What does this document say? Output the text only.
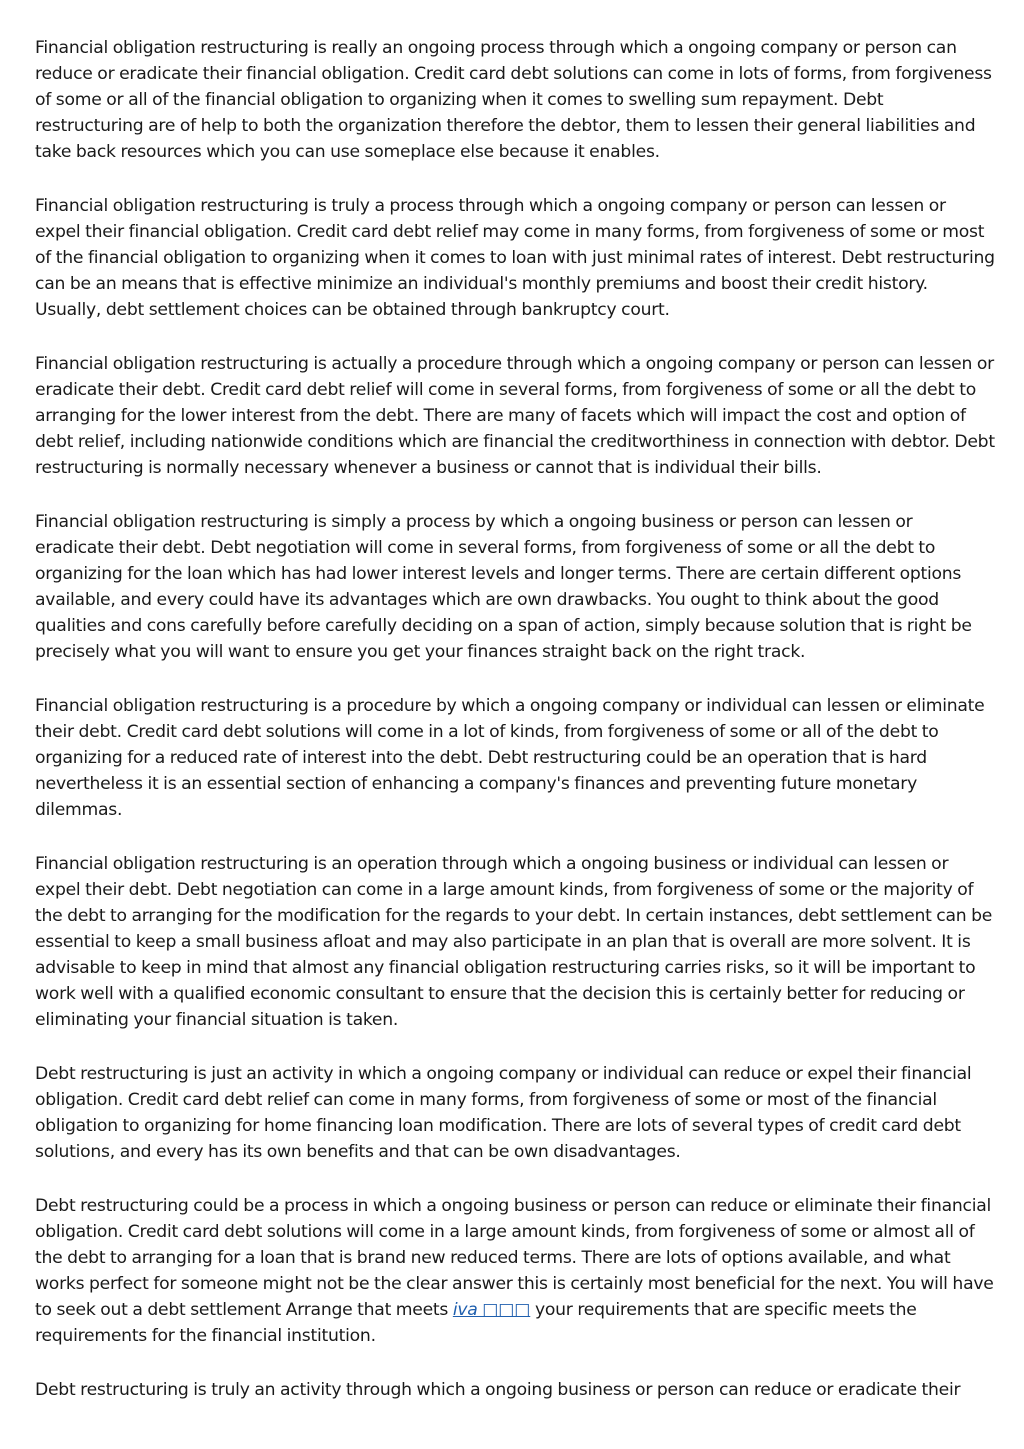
Financial obligation restructuring is really an ongoing process through which a ongoing company or person can reduce or eradicate their financial obligation. Credit card debt solutions can come in lots of forms, from forgiveness of some or all of the financial obligation to organizing when it comes to swelling sum repayment. Debt restructuring are of help to both the organization therefore the debtor, them to lessen their general liabilities and take back resources which you can use someplace else because it enables.

Financial obligation restructuring is truly a process through which a ongoing company or person can lessen or expel their financial obligation. Credit card debt relief may come in many forms, from forgiveness of some or most of the financial obligation to organizing when it comes to loan with just minimal rates of interest. Debt restructuring can be an means that is effective minimize an individual's monthly premiums and boost their credit history. Usually, debt settlement choices can be obtained through bankruptcy court.

Financial obligation restructuring is actually a procedure through which a ongoing company or person can lessen or eradicate their debt. Credit card debt relief will come in several forms, from forgiveness of some or all the debt to arranging for the lower interest from the debt. There are many of facets which will impact the cost and option of debt relief, including nationwide conditions which are financial the creditworthiness in connection with debtor. Debt restructuring is normally necessary whenever a business or cannot that is individual their bills.

Financial obligation restructuring is simply a process by which a ongoing business or person can lessen or eradicate their debt. Debt negotiation will come in several forms, from forgiveness of some or all the debt to organizing for the loan which has had lower interest levels and longer terms. There are certain different options available, and every could have its advantages which are own drawbacks. You ought to think about the good qualities and cons carefully before carefully deciding on a span of action, simply because solution that is right be precisely what you will want to ensure you get your finances straight back on the right track.

Financial obligation restructuring is a procedure by which a ongoing company or individual can lessen or eliminate their debt. Credit card debt solutions will come in a lot of kinds, from forgiveness of some or all of the debt to organizing for a reduced rate of interest into the debt. Debt restructuring could be an operation that is hard nevertheless it is an essential section of enhancing a company's finances and preventing future monetary dilemmas.

Financial obligation restructuring is an operation through which a ongoing business or individual can lessen or expel their debt. Debt negotiation can come in a large amount kinds, from forgiveness of some or the majority of the debt to arranging for the modification for the regards to your debt. In certain instances, debt settlement can be essential to keep a small business afloat and may also participate in an plan that is overall are more solvent. It is advisable to keep in mind that almost any financial obligation restructuring carries risks, so it will be important to work well with a qualified economic consultant to ensure that the decision this is certainly better for reducing or eliminating your financial situation is taken.

Debt restructuring is just an activity in which a ongoing company or individual can reduce or expel their financial obligation. Credit card debt relief can come in many forms, from forgiveness of some or most of the financial obligation to organizing for home financing loan modification. There are lots of several types of credit card debt solutions, and every has its own benefits and that can be own disadvantages.

Debt restructuring could be a process in which a ongoing business or person can reduce or eliminate their financial obligation. Credit card debt solutions will come in a large amount kinds, from forgiveness of some or almost all of the debt to arranging for a loan that is brand new reduced terms. There are lots of options available, and what works perfect for someone might not be the clear answer this is certainly most beneficial for the next. You will have to seek out a debt settlement Arrange that meets iva □□□ your requirements that are specific meets the requirements for the financial institution.

Debt restructuring is truly an activity through which a ongoing business or person can reduce or eradicate their
